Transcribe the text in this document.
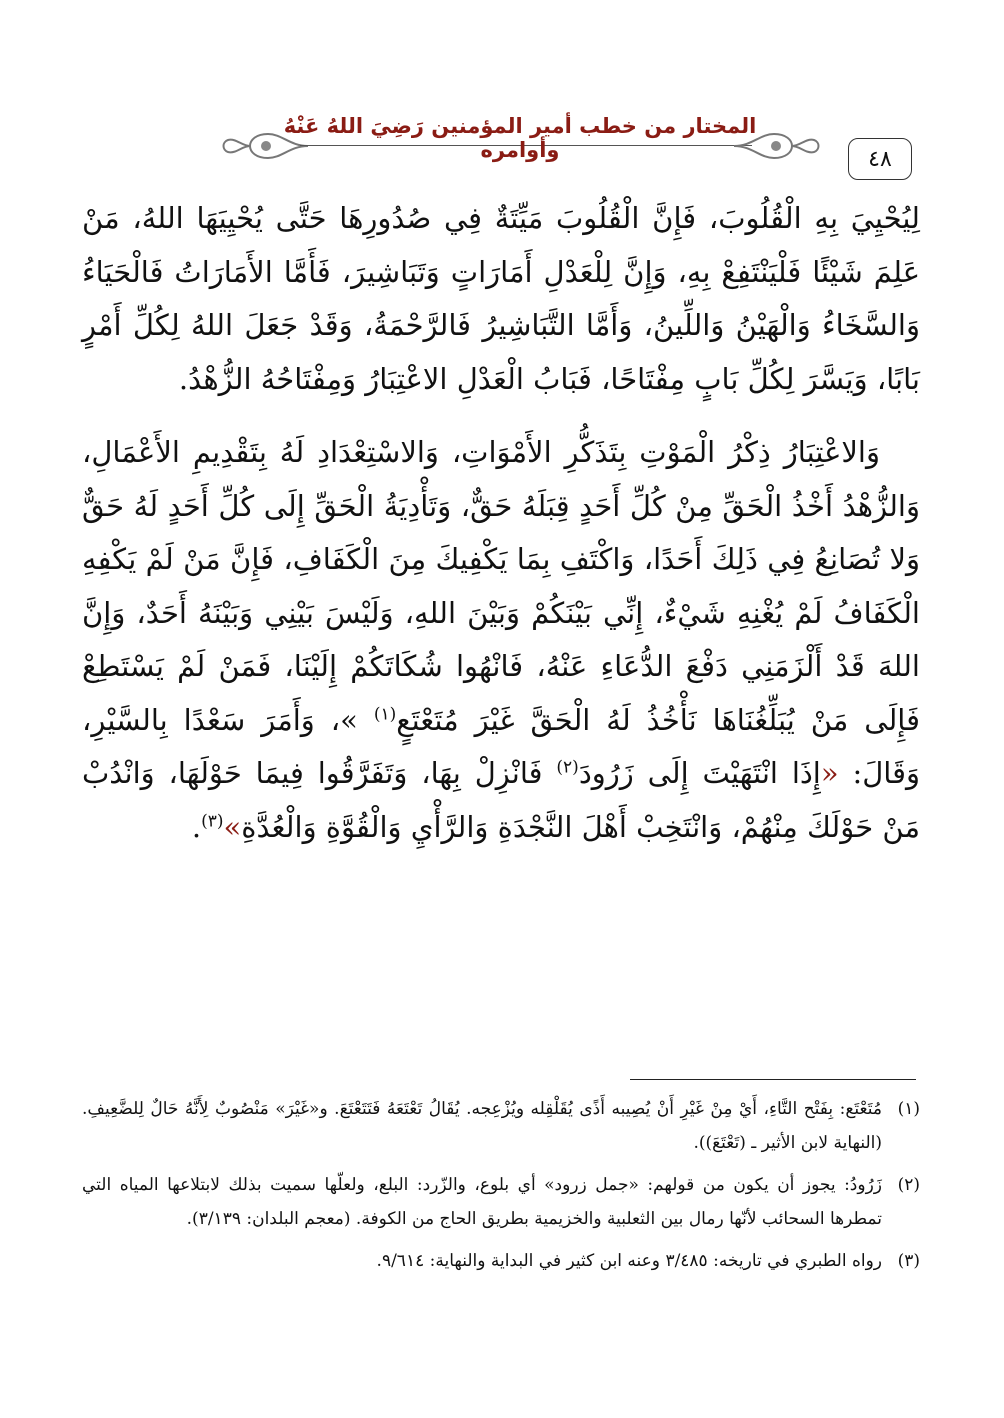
المختار من خطب أمير المؤمنين رَضِيَ اللهُ عَنْهُ وأوامره	٤٨

لِيُحْيِيَ بِهِ الْقُلُوبَ، فَإِنَّ الْقُلُوبَ مَيِّتَةٌ فِي صُدُورِهَا حَتَّى يُحْيِيَهَا اللهُ، مَنْ عَلِمَ شَيْئًا فَلْيَنْتَفِعْ بِهِ، وَإِنَّ لِلْعَدْلِ أَمَارَاتٍ وَتَبَاشِيرَ، فَأَمَّا الأَمَارَاتُ فَالْحَيَاءُ وَالسَّخَاءُ وَالْهَيْنُ وَاللِّينُ، وَأَمَّا التَّبَاشِيرُ فَالرَّحْمَةُ، وَقَدْ جَعَلَ اللهُ لِكُلِّ أَمْرٍ بَابًا، وَيَسَّرَ لِكُلِّ بَابٍ مِفْتَاحًا، فَبَابُ الْعَدْلِ الاعْتِبَارُ وَمِفْتَاحُهُ الزُّهْدُ.

وَالاعْتِبَارُ ذِكْرُ الْمَوْتِ بِتَذَكُّرِ الأَمْوَاتِ، وَالاسْتِعْدَادِ لَهُ بِتَقْدِيمِ الأَعْمَالِ، وَالزُّهْدُ أَخْذُ الْحَقِّ مِنْ كُلِّ أَحَدٍ قِبَلَهُ حَقٌّ، وَتَأْدِيَةُ الْحَقِّ إِلَى كُلِّ أَحَدٍ لَهُ حَقٌّ وَلا تُصَانِعُ فِي ذَلِكَ أَحَدًا، وَاكْتَفِ بِمَا يَكْفِيكَ مِنَ الْكَفَافِ، فَإِنَّ مَنْ لَمْ يَكْفِهِ الْكَفَافُ لَمْ يُغْنِهِ شَيْءٌ، إِنِّي بَيْنَكُمْ وَبَيْنَ اللهِ، وَلَيْسَ بَيْنِي وَبَيْنَهُ أَحَدٌ، وَإِنَّ اللهَ قَدْ أَلْزَمَنِي دَفْعَ الدُّعَاءِ عَنْهُ، فَانْهُوا شُكَاتَكُمْ إِلَيْنَا، فَمَنْ لَمْ يَسْتَطِعْ فَإِلَى مَنْ يُبَلِّغُنَاهَا نَأْخُذُ لَهُ الْحَقَّ غَيْرَ مُتَعْتَعٍ$^{(١)}$ »، وَأَمَرَ سَعْدًا بِالسَّيْرِ، وَقَالَ: «إِذَا انْتَهَيْتَ إِلَى زَرُودَ$^{(٢)}$ فَانْزِلْ بِهَا، وَتَفَرَّقُوا فِيمَا حَوْلَهَا، وَانْدُبْ مَنْ حَوْلَكَ مِنْهُمْ، وَانْتَخِبْ أَهْلَ النَّجْدَةِ وَالرَّأْيِ وَالْقُوَّةِ وَالْعُدَّةِ»$^{(٣)}$.

(١)
مُتَعْتَع: بِفَتْح التَّاءِ، أَيْ مِنْ غَيْرِ أَنْ يُصِيبه أَذًى يُقَلْقِله ويُزْعِجه. يُقَالُ تَعْتَعَهُ فَتَتَعْتَعَ. و«غَيْرَ» مَنْصُوبٌ لِأَنَّهُ حَالٌ لِلضَّعِيفِ. (النهاية لابن الأثير ـ (تَعْتَعَ)).
(٢)
زَرُودُ: يجوز أن يكون من قولهم: «جمل زرود» أي بلوع، والزّرد: البلع، ولعلّها سميت بذلك لابتلاعها المياه التي تمطرها السحائب لأنّها رمال بين الثعلبية والخزيمية بطريق الحاج من الكوفة. (معجم البلدان: ٣/١٣٩).
(٣)
رواه الطبري في تاريخه: ٣/٤٨٥ وعنه ابن كثير في البداية والنهاية: ٩/٦١٤.
